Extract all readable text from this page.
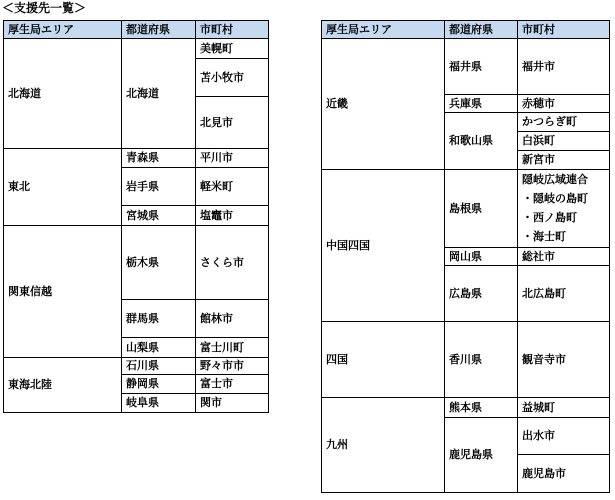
＜支援先一覧＞
厚生局エリア	都道府県	市町村
北海道	北海道	美幌町
		苫小牧市
		北見市
東北	青森県	平川市
	岩手県	軽米町
	宮城県	塩竈市
関東信越	栃木県	さくら市
	群馬県	館林市
	山梨県	富士川町
東海北陸	石川県	野々市市
	静岡県	富士市
	岐阜県	関市
厚生局エリア	都道府県	市町村
近畿	福井県	福井市
	兵庫県	赤穂市
	和歌山県	かつらぎ町
		白浜町
		新宮市
中国四国	島根県	隠岐広域連合
		・隠岐の島町
		・西ノ島町
		・海士町
	岡山県	総社市
	広島県	北広島町
四国	香川県	観音寺市
九州	熊本県	益城町
	鹿児島県	出水市
		鹿児島市
